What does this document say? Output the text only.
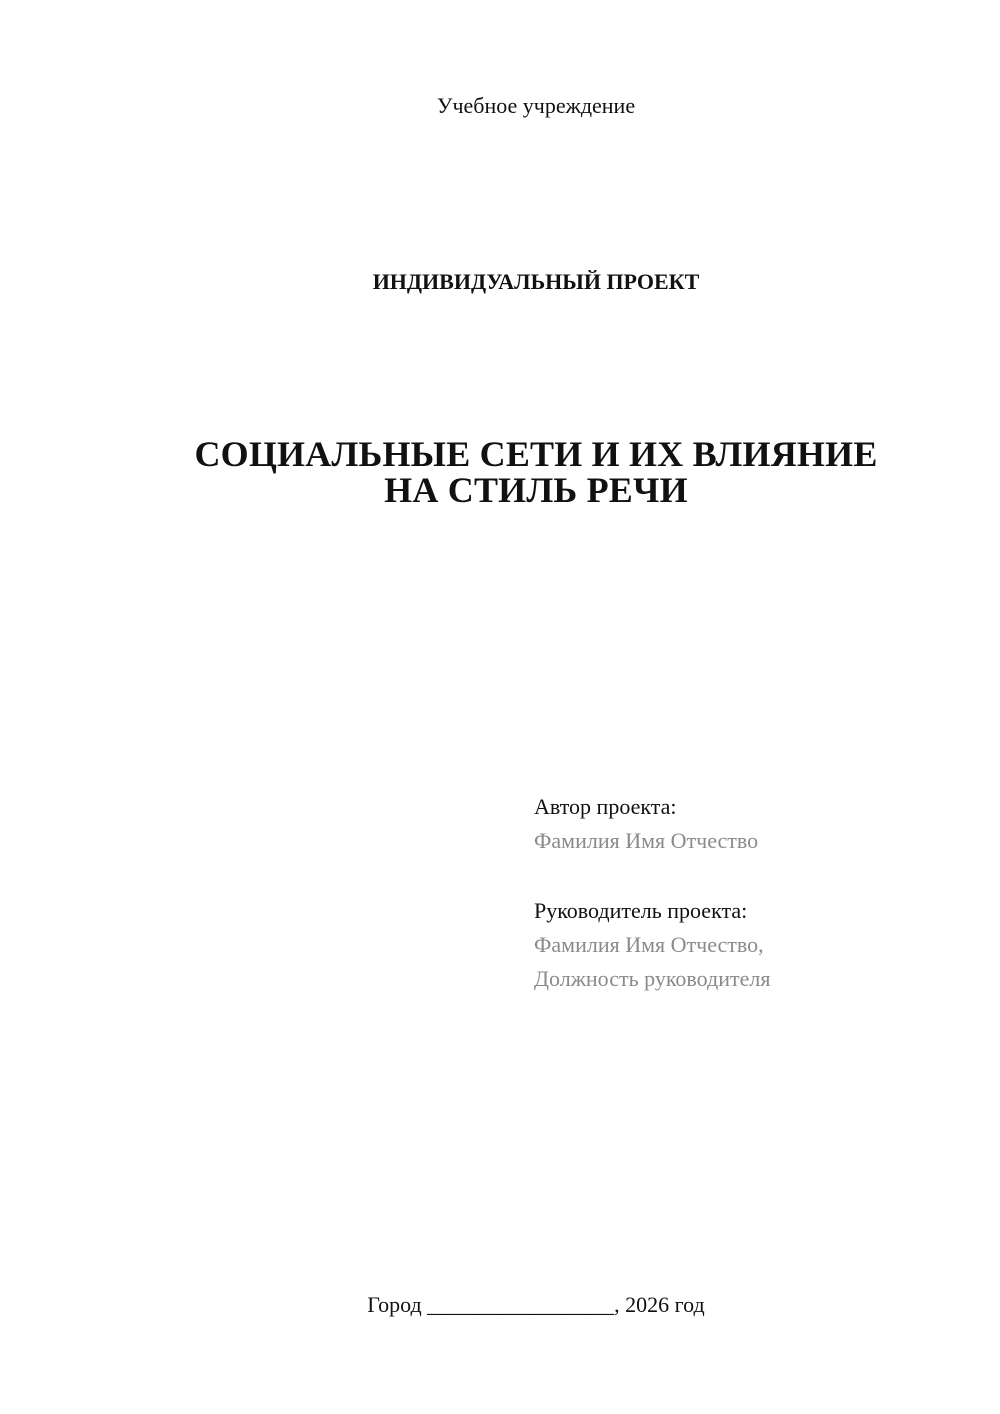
Учебное учреждение
ИНДИВИДУАЛЬНЫЙ ПРОЕКТ
СОЦИАЛЬНЫЕ СЕТИ И ИХ ВЛИЯНИЕ
НА СТИЛЬ РЕЧИ
Автор проекта:
Фамилия Имя Отчество
Руководитель проекта:
Фамилия Имя Отчество,
Должность руководителя
Город _________________, 2026 год
